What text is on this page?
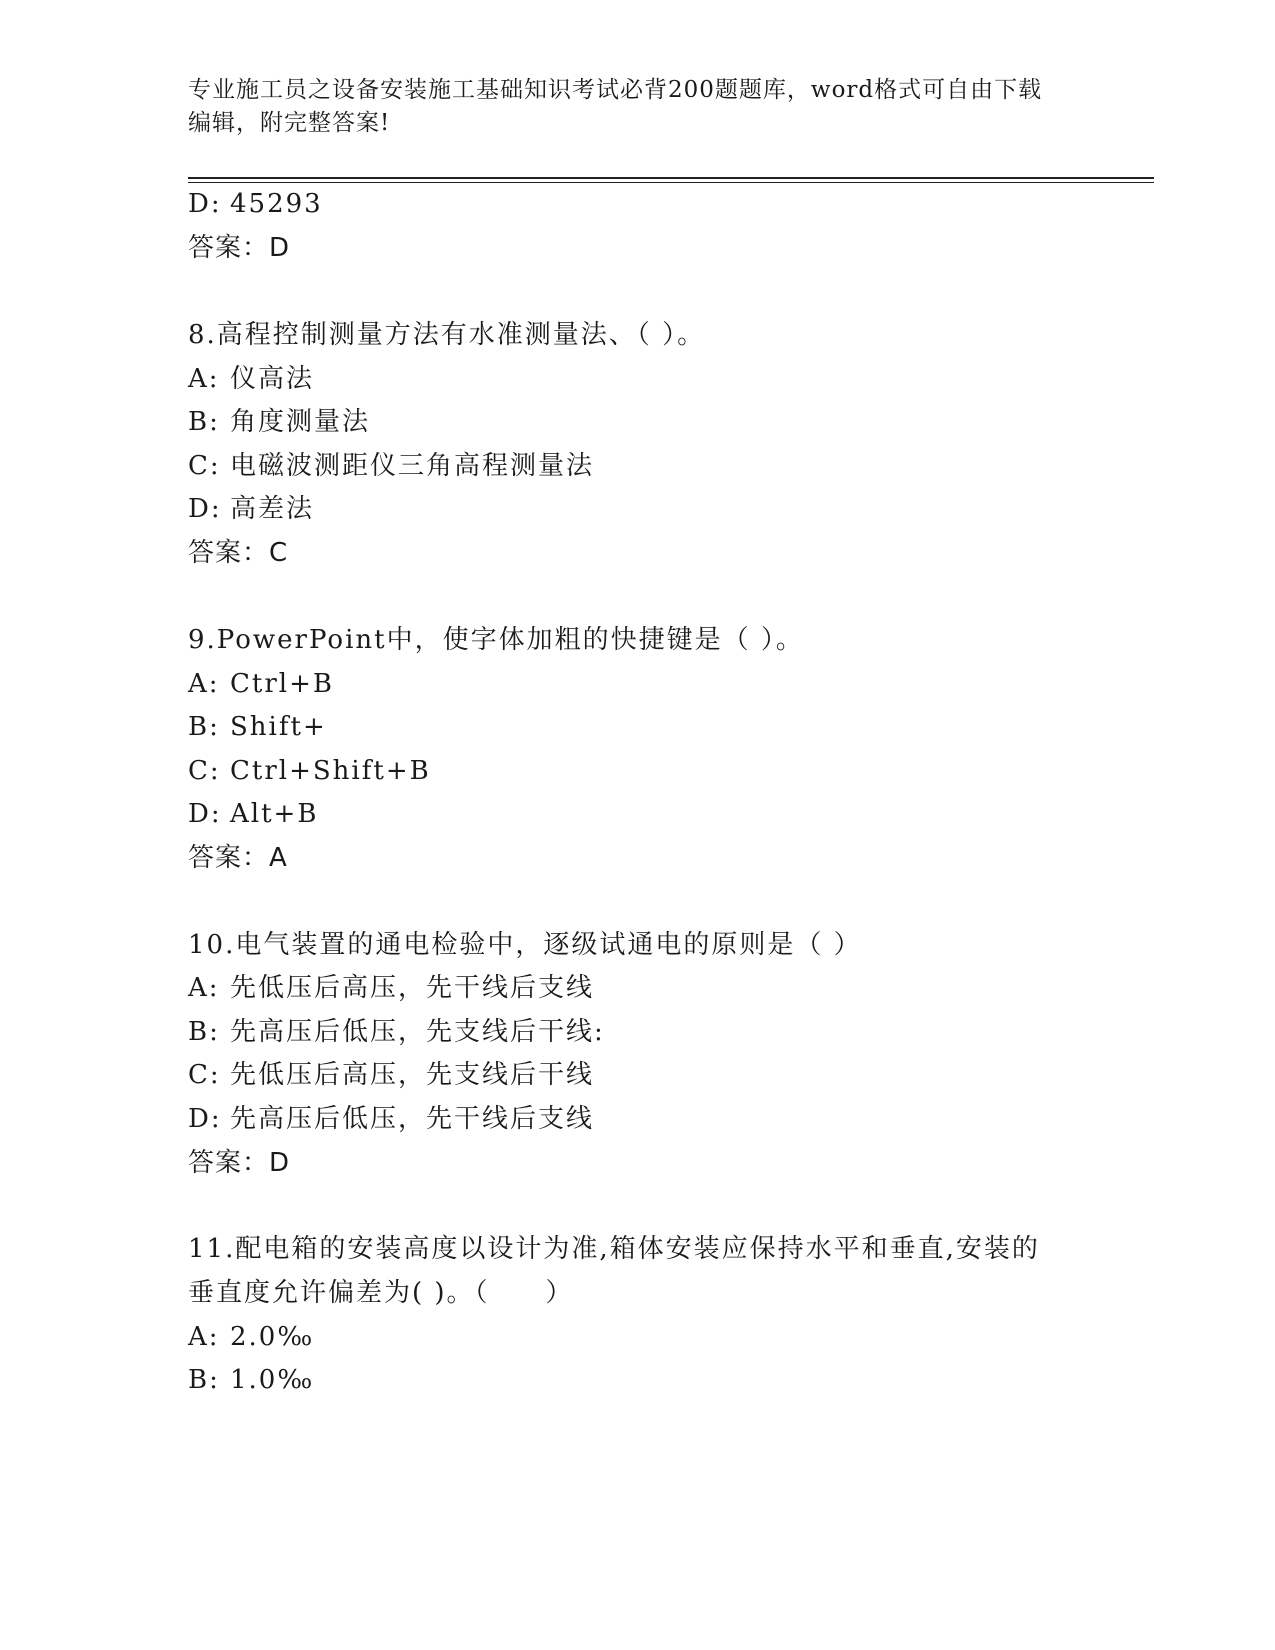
专业施工员之设备安装施工基础知识考试必背200题题库，word格式可自由下载
编辑，附完整答案!
D: 45293
答案：D
8.高程控制测量方法有水准测量法、（ ）。
A: 仪高法
B: 角度测量法
C: 电磁波测距仪三角高程测量法
D: 高差法
答案：C
9.PowerPoint中，使字体加粗的快捷键是（ ）。
A: Ctrl+B
B: Shift+
C: Ctrl+Shift+B
D: Alt+B
答案：A
10.电气装置的通电检验中，逐级试通电的原则是（ ）
A: 先低压后高压，先干线后支线
B: 先高压后低压，先支线后干线:
C: 先低压后高压，先支线后干线
D: 先高压后低压，先干线后支线
答案：D
11.配电箱的安装高度以设计为准,箱体安装应保持水平和垂直,安装的
垂直度允许偏差为( )。（　　）
A: 2.0‰
B: 1.0‰
